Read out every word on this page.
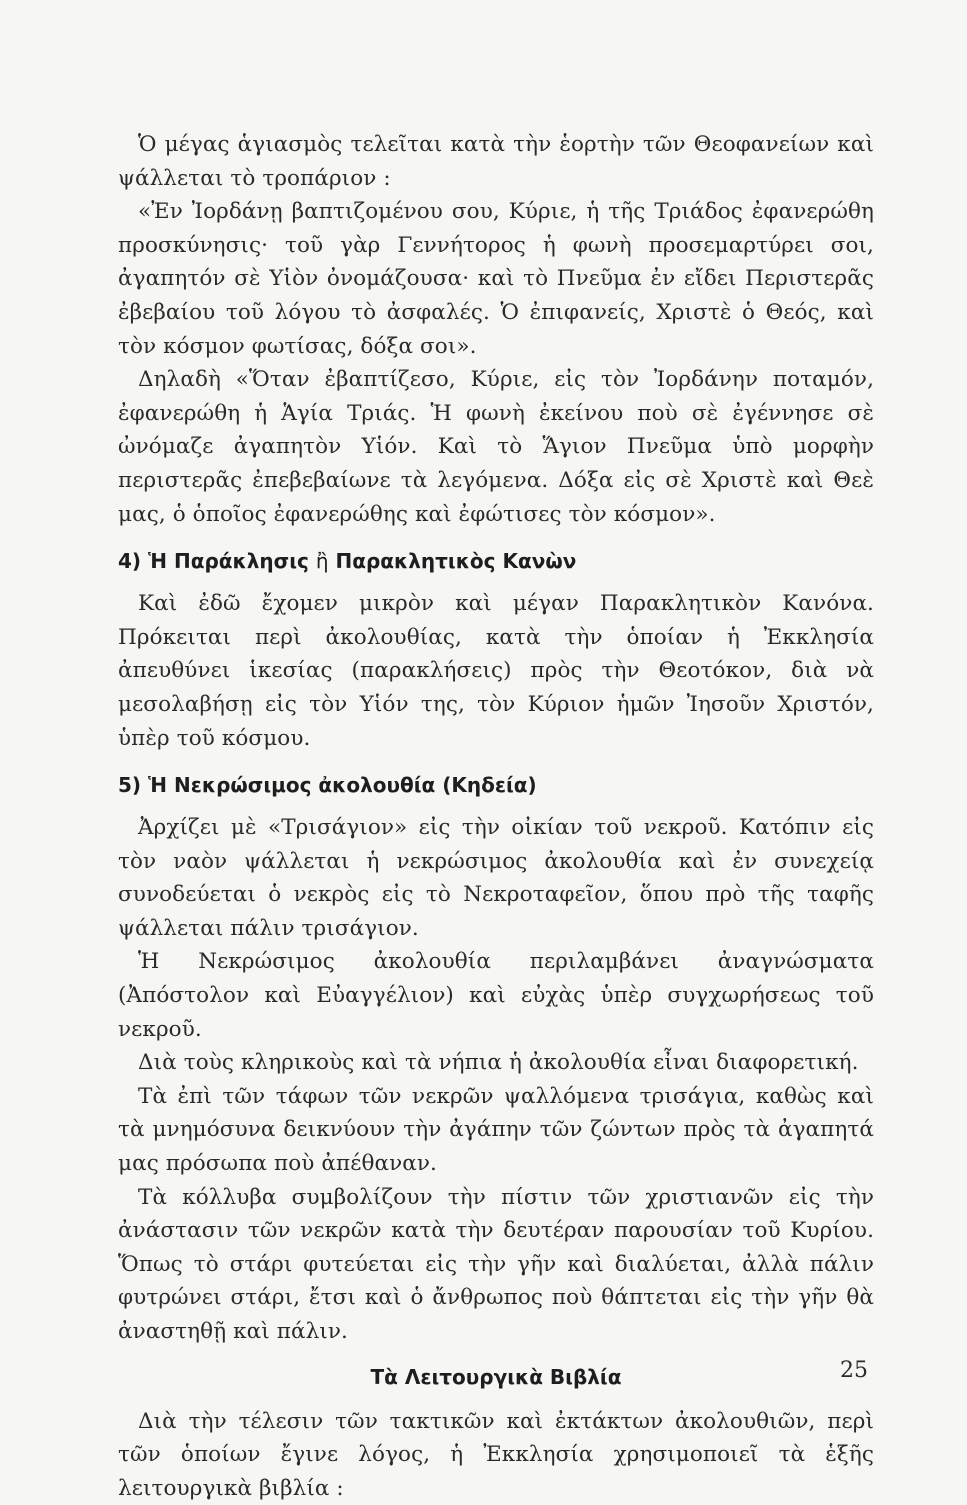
Ὁ μέγας ἁγιασμὸς τελεῖται κατὰ τὴν ἑορτὴν τῶν Θεοφανείων καὶ ψάλλεται τὸ τροπάριον :

«Ἐν Ἰορδάνῃ βαπτιζομένου σου, Κύριε, ἡ τῆς Τριάδος ἐφανερώθη προσκύνησις· τοῦ γὰρ Γεννήτορος ἡ φωνὴ προσεμαρτύρει σοι, ἀγαπητόν σὲ Υἱὸν ὀνομάζουσα· καὶ τὸ Πνεῦμα ἐν εἴδει Περιστερᾶς ἐβεβαίου τοῦ λόγου τὸ ἀσφαλές. Ὁ ἐπιφανείς, Χριστὲ ὁ Θεός, καὶ τὸν κόσμον φωτίσας, δόξα σοι».

Δηλαδὴ «Ὅταν ἐβαπτίζεσο, Κύριε, εἰς τὸν Ἰορδάνην ποταμόν, ἐφανερώθη ἡ Ἁγία Τριάς. Ἡ φωνὴ ἐκείνου ποὺ σὲ ἐγέννησε σὲ ὠνόμαζε ἀγαπητὸν Υἱόν. Καὶ τὸ Ἅγιον Πνεῦμα ὑπὸ μορφὴν περιστερᾶς ἐπεβεβαίωνε τὰ λεγόμενα. Δόξα εἰς σὲ Χριστὲ καὶ Θεὲ μας, ὁ ὁποῖος ἐφανερώθης καὶ ἐφώτισες τὸν κόσμον».

4) Ἡ Παράκλησις ἢ Παρακλητικὸς Κανὼν

Καὶ ἐδῶ ἔχομεν μικρὸν καὶ μέγαν Παρακλητικὸν Κανόνα. Πρόκειται περὶ ἀκολουθίας, κατὰ τὴν ὁποίαν ἡ Ἐκκλησία ἀπευθύνει ἱκεσίας (παρακλήσεις) πρὸς τὴν Θεοτόκον, διὰ νὰ μεσολαβήσῃ εἰς τὸν Υἱόν της, τὸν Κύριον ἡμῶν Ἰησοῦν Χριστόν, ὑπὲρ τοῦ κόσμου.

5) Ἡ Νεκρώσιμος ἀκολουθία (Κηδεία)

Ἀρχίζει μὲ «Τρισάγιον» εἰς τὴν οἰκίαν τοῦ νεκροῦ. Κατόπιν εἰς τὸν ναὸν ψάλλεται ἡ νεκρώσιμος ἀκολουθία καὶ ἐν συνεχείᾳ συνοδεύεται ὁ νεκρὸς εἰς τὸ Νεκροταφεῖον, ὅπου πρὸ τῆς ταφῆς ψάλλεται πάλιν τρισάγιον.

Ἡ Νεκρώσιμος ἀκολουθία περιλαμβάνει ἀναγνώσματα (Ἀπόστολον καὶ Εὐαγγέλιον) καὶ εὐχὰς ὑπὲρ συγχωρήσεως τοῦ νεκροῦ.

Διὰ τοὺς κληρικοὺς καὶ τὰ νήπια ἡ ἀκολουθία εἶναι διαφορετική.

Τὰ ἐπὶ τῶν τάφων τῶν νεκρῶν ψαλλόμενα τρισάγια, καθὼς καὶ τὰ μνημόσυνα δεικνύουν τὴν ἀγάπην τῶν ζώντων πρὸς τὰ ἀγαπητά μας πρόσωπα ποὺ ἀπέθαναν.

Τὰ κόλλυβα συμβολίζουν τὴν πίστιν τῶν χριστιανῶν εἰς τὴν ἀνάστασιν τῶν νεκρῶν κατὰ τὴν δευτέραν παρουσίαν τοῦ Κυρίου. Ὅπως τὸ στάρι φυτεύεται εἰς τὴν γῆν καὶ διαλύεται, ἀλλὰ πάλιν φυτρώνει στάρι, ἔτσι καὶ ὁ ἄνθρωπος ποὺ θάπτεται εἰς τὴν γῆν θὰ ἀναστηθῇ καὶ πάλιν.

Τὰ Λειτουργικὰ Βιβλία

Διὰ τὴν τέλεσιν τῶν τακτικῶν καὶ ἐκτάκτων ἀκολουθιῶν, περὶ τῶν ὁποίων ἔγινε λόγος, ἡ Ἐκκλησία χρησιμοποιεῖ τὰ ἑξῆς λειτουργικὰ βιβλία :

25
